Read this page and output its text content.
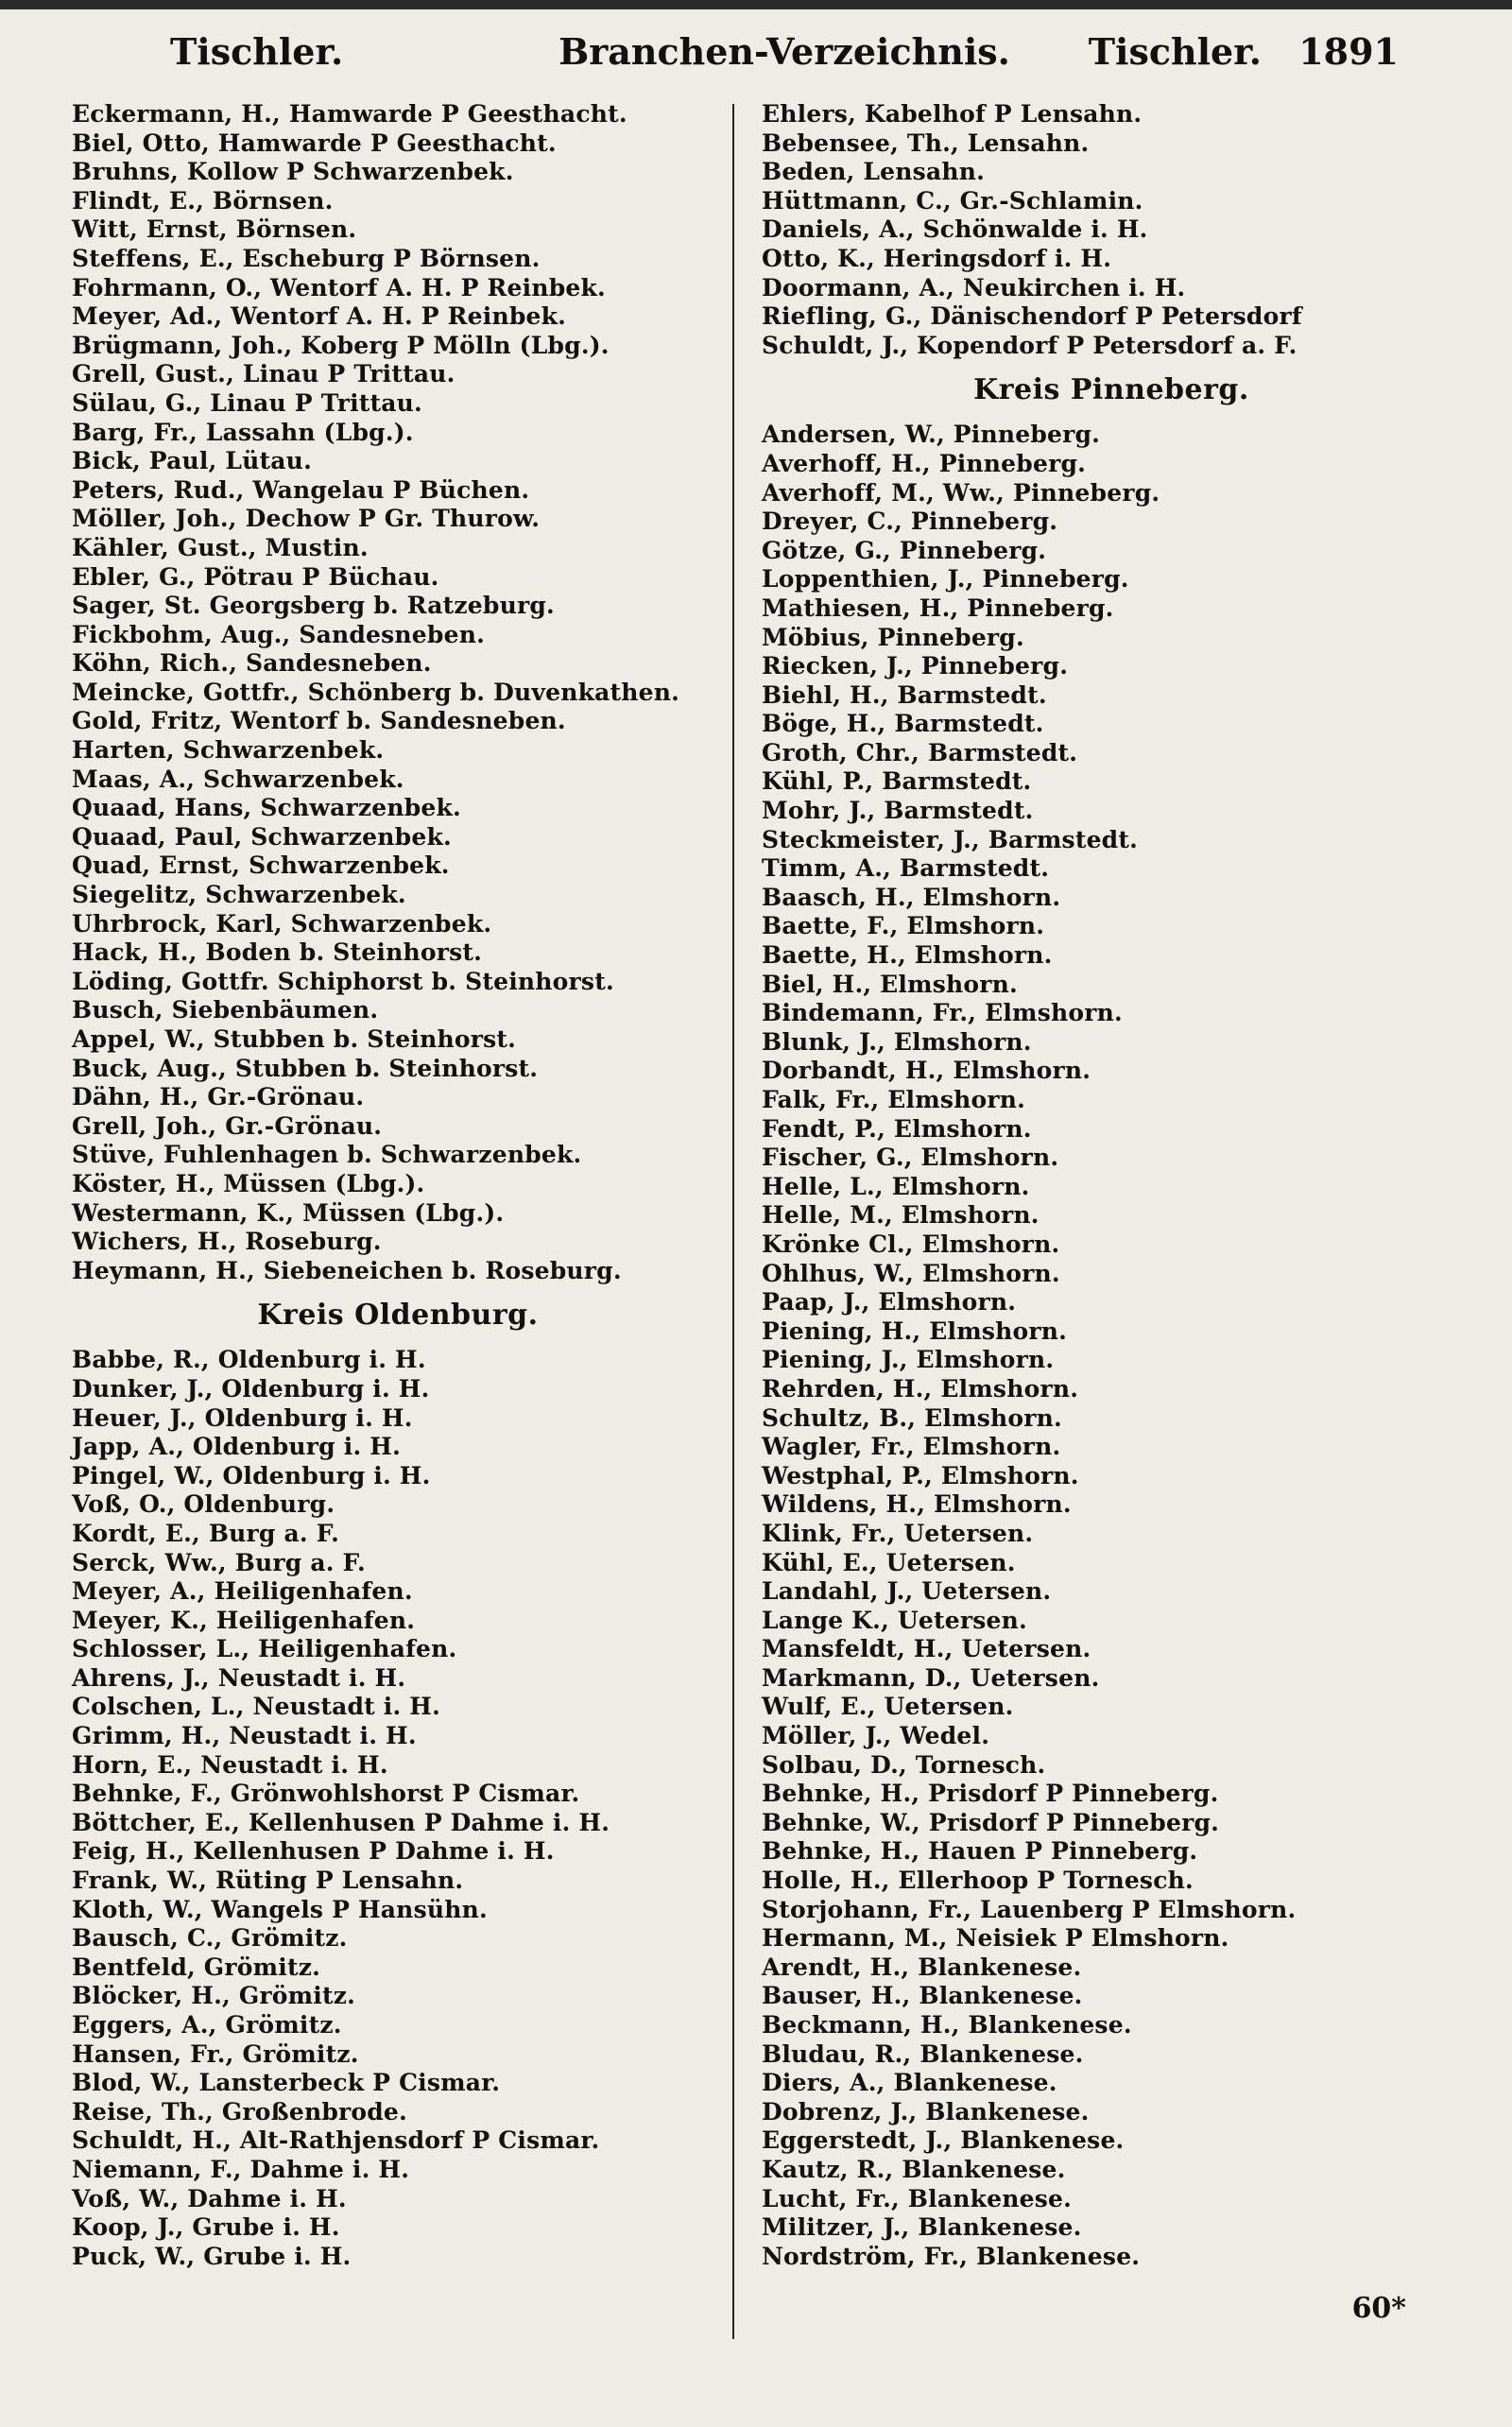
Tischler.	Branchen-Verzeichnis.	Tischler. 1891
Eckermann, H., Hamwarde P Geesthacht.
Biel, Otto, Hamwarde P Geesthacht.
Bruhns, Kollow P Schwarzenbek.
Flindt, E., Börnsen.
Witt, Ernst, Börnsen.
Steffens, E., Escheburg P Börnsen.
Fohrmann, O., Wentorf A. H. P Reinbek.
Meyer, Ad., Wentorf A. H. P Reinbek.
Brügmann, Joh., Koberg P Mölln (Lbg.).
Grell, Gust., Linau P Trittau.
Sülau, G., Linau P Trittau.
Barg, Fr., Lassahn (Lbg.).
Bick, Paul, Lütau.
Peters, Rud., Wangelau P Büchen.
Möller, Joh., Dechow P Gr. Thurow.
Kähler, Gust., Mustin.
Ebler, G., Pötrau P Büchau.
Sager, St. Georgsberg b. Ratzeburg.
Fickbohm, Aug., Sandesneben.
Köhn, Rich., Sandesneben.
Meincke, Gottfr., Schönberg b. Duvenkathen.
Gold, Fritz, Wentorf b. Sandesneben.
Harten, Schwarzenbek.
Maas, A., Schwarzenbek.
Quaad, Hans, Schwarzenbek.
Quaad, Paul, Schwarzenbek.
Quad, Ernst, Schwarzenbek.
Siegelitz, Schwarzenbek.
Uhrbrock, Karl, Schwarzenbek.
Hack, H., Boden b. Steinhorst.
Löding, Gottfr. Schiphorst b. Steinhorst.
Busch, Siebenbäumen.
Appel, W., Stubben b. Steinhorst.
Buck, Aug., Stubben b. Steinhorst.
Dähn, H., Gr.-Grönau.
Grell, Joh., Gr.-Grönau.
Stüve, Fuhlenhagen b. Schwarzenbek.
Köster, H., Müssen (Lbg.).
Westermann, K., Müssen (Lbg.).
Wichers, H., Roseburg.
Heymann, H., Siebeneichen b. Roseburg.
Kreis Oldenburg.
Babbe, R., Oldenburg i. H.
Dunker, J., Oldenburg i. H.
Heuer, J., Oldenburg i. H.
Japp, A., Oldenburg i. H.
Pingel, W., Oldenburg i. H.
Voß, O., Oldenburg.
Kordt, E., Burg a. F.
Serck, Ww., Burg a. F.
Meyer, A., Heiligenhafen.
Meyer, K., Heiligenhafen.
Schlosser, L., Heiligenhafen.
Ahrens, J., Neustadt i. H.
Colschen, L., Neustadt i. H.
Grimm, H., Neustadt i. H.
Horn, E., Neustadt i. H.
Behnke, F., Grönwohlshorst P Cismar.
Böttcher, E., Kellenhusen P Dahme i. H.
Feig, H., Kellenhusen P Dahme i. H.
Frank, W., Rüting P Lensahn.
Kloth, W., Wangels P Hansühn.
Bausch, C., Grömitz.
Bentfeld, Grömitz.
Blöcker, H., Grömitz.
Eggers, A., Grömitz.
Hansen, Fr., Grömitz.
Blod, W., Lansterbeck P Cismar.
Reise, Th., Großenbrode.
Schuldt, H., Alt-Rathjensdorf P Cismar.
Niemann, F., Dahme i. H.
Voß, W., Dahme i. H.
Koop, J., Grube i. H.
Puck, W., Grube i. H.
Ehlers, Kabelhof P Lensahn.
Bebensee, Th., Lensahn.
Beden, Lensahn.
Hüttmann, C., Gr.-Schlamin.
Daniels, A., Schönwalde i. H.
Otto, K., Heringsdorf i. H.
Doormann, A., Neukirchen i. H.
Riefling, G., Dänischendorf P Petersdorf
Schuldt, J., Kopendorf P Petersdorf a. F.
Kreis Pinneberg.
Andersen, W., Pinneberg.
Averhoff, H., Pinneberg.
Averhoff, M., Ww., Pinneberg.
Dreyer, C., Pinneberg.
Götze, G., Pinneberg.
Loppenthien, J., Pinneberg.
Mathiesen, H., Pinneberg.
Möbius, Pinneberg.
Riecken, J., Pinneberg.
Biehl, H., Barmstedt.
Böge, H., Barmstedt.
Groth, Chr., Barmstedt.
Kühl, P., Barmstedt.
Mohr, J., Barmstedt.
Steckmeister, J., Barmstedt.
Timm, A., Barmstedt.
Baasch, H., Elmshorn.
Baette, F., Elmshorn.
Baette, H., Elmshorn.
Biel, H., Elmshorn.
Bindemann, Fr., Elmshorn.
Blunk, J., Elmshorn.
Dorbandt, H., Elmshorn.
Falk, Fr., Elmshorn.
Fendt, P., Elmshorn.
Fischer, G., Elmshorn.
Helle, L., Elmshorn.
Helle, M., Elmshorn.
Krönke Cl., Elmshorn.
Ohlhus, W., Elmshorn.
Paap, J., Elmshorn.
Piening, H., Elmshorn.
Piening, J., Elmshorn.
Rehrden, H., Elmshorn.
Schultz, B., Elmshorn.
Wagler, Fr., Elmshorn.
Westphal, P., Elmshorn.
Wildens, H., Elmshorn.
Klink, Fr., Uetersen.
Kühl, E., Uetersen.
Landahl, J., Uetersen.
Lange K., Uetersen.
Mansfeldt, H., Uetersen.
Markmann, D., Uetersen.
Wulf, E., Uetersen.
Möller, J., Wedel.
Solbau, D., Tornesch.
Behnke, H., Prisdorf P Pinneberg.
Behnke, W., Prisdorf P Pinneberg.
Behnke, H., Hauen P Pinneberg.
Holle, H., Ellerhoop P Tornesch.
Storjohann, Fr., Lauenberg P Elmshorn.
Hermann, M., Neisiek P Elmshorn.
Arendt, H., Blankenese.
Bauser, H., Blankenese.
Beckmann, H., Blankenese.
Bludau, R., Blankenese.
Diers, A., Blankenese.
Dobrenz, J., Blankenese.
Eggerstedt, J., Blankenese.
Kautz, R., Blankenese.
Lucht, Fr., Blankenese.
Militzer, J., Blankenese.
Nordström, Fr., Blankenese.
60*
